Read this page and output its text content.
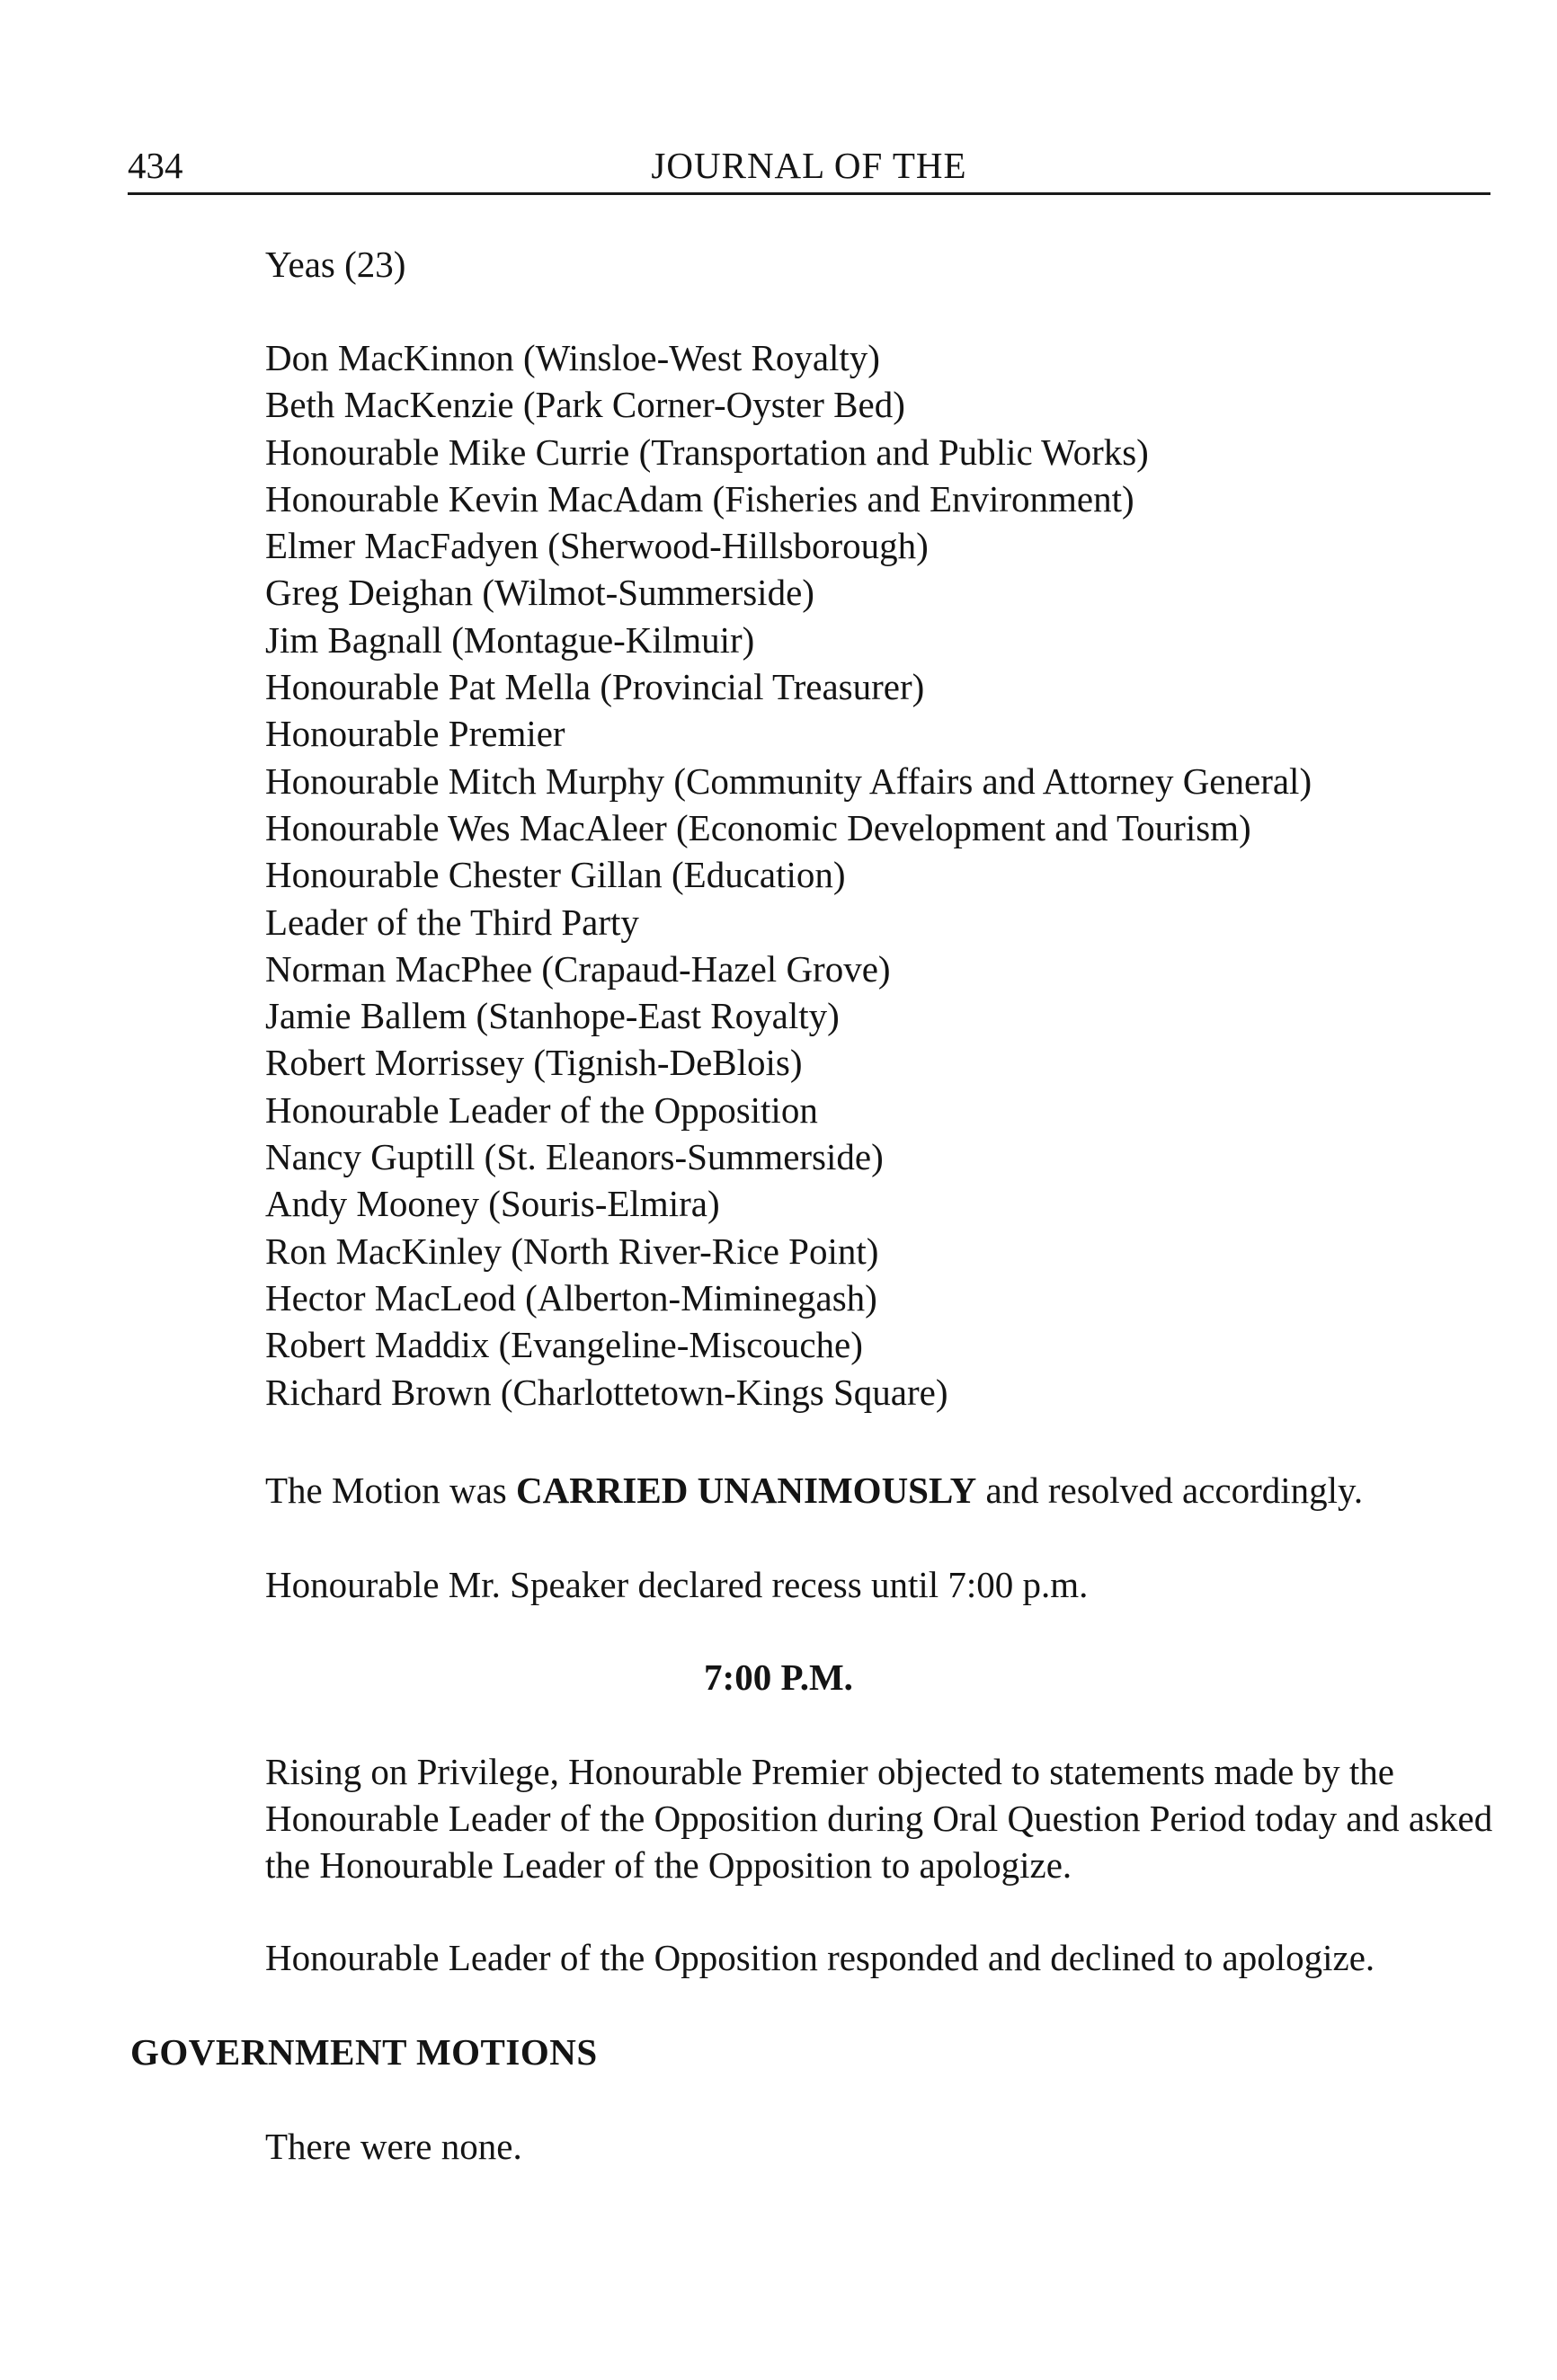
434	JOURNAL OF THE
Yeas (23)
Don MacKinnon (Winsloe-West Royalty)
Beth MacKenzie (Park Corner-Oyster Bed)
Honourable Mike Currie (Transportation and Public Works)
Honourable Kevin MacAdam (Fisheries and Environment)
Elmer MacFadyen (Sherwood-Hillsborough)
Greg Deighan (Wilmot-Summerside)
Jim Bagnall (Montague-Kilmuir)
Honourable Pat Mella (Provincial Treasurer)
Honourable Premier
Honourable Mitch Murphy (Community Affairs and Attorney General)
Honourable Wes MacAleer (Economic Development and Tourism)
Honourable Chester Gillan (Education)
Leader of the Third Party
Norman MacPhee (Crapaud-Hazel Grove)
Jamie Ballem (Stanhope-East Royalty)
Robert Morrissey (Tignish-DeBlois)
Honourable Leader of the Opposition
Nancy Guptill (St. Eleanors-Summerside)
Andy Mooney (Souris-Elmira)
Ron MacKinley (North River-Rice Point)
Hector MacLeod (Alberton-Miminegash)
Robert Maddix (Evangeline-Miscouche)
Richard Brown (Charlottetown-Kings Square)
The Motion was CARRIED UNANIMOUSLY and resolved accordingly.
Honourable Mr. Speaker declared recess until 7:00 p.m.
7:00 P.M.
Rising on Privilege, Honourable Premier objected to statements made by the Honourable Leader of the Opposition during Oral Question Period today and asked the Honourable Leader of the Opposition to apologize.
Honourable Leader of the Opposition responded and declined to apologize.
GOVERNMENT MOTIONS
There were none.
